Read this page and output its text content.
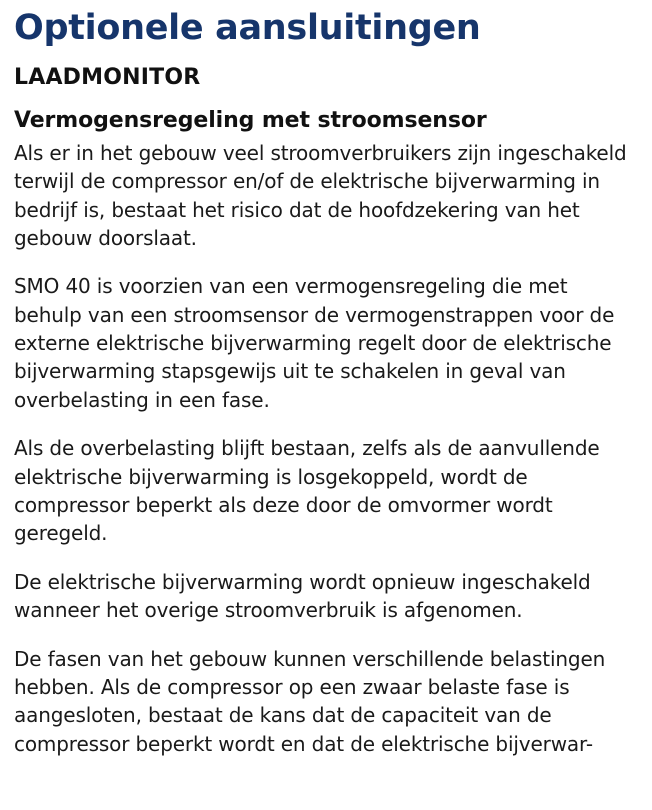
Optionele aansluitingen
LAADMONITOR
Vermogensregeling met stroomsensor

Als er in het gebouw veel stroomverbruikers zijn ingeschakeld terwijl de compressor en/of de elektrische bijverwarming in bedrijf is, bestaat het risico dat de hoofdzekering van het gebouw doorslaat.

SMO 40 is voorzien van een vermogensregeling die met behulp van een stroomsensor de vermogenstrappen voor de externe elektrische bijverwarming regelt door de elektrische bijverwarming stapsgewijs uit te schakelen in geval van overbelasting in een fase.

Als de overbelasting blijft bestaan, zelfs als de aanvullende elektrische bijverwarming is losgekoppeld, wordt de compressor beperkt als deze door de omvormer wordt geregeld.

De elektrische bijverwarming wordt opnieuw ingeschakeld wanneer het overige stroomverbruik is afgenomen.

De fasen van het gebouw kunnen verschillende belastingen hebben. Als de compressor op een zwaar belaste fase is aangesloten, bestaat de kans dat de capaciteit van de compressor beperkt wordt en dat de elektrische bijverwar-
